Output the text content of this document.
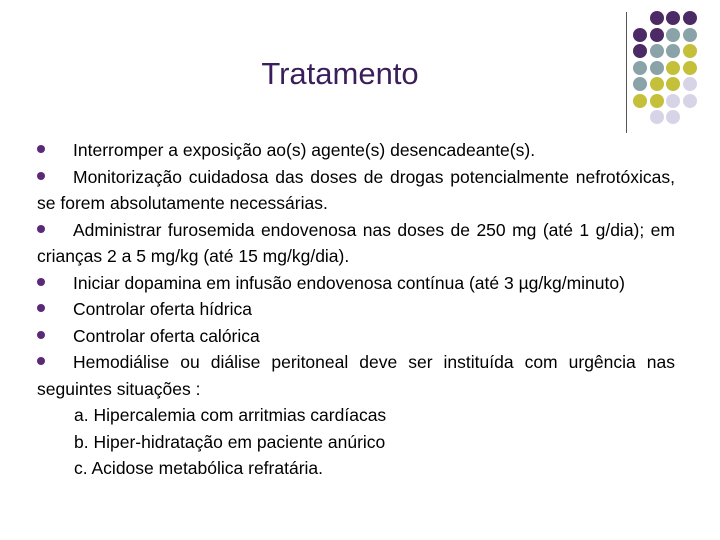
Tratamento

Interromper a exposição ao(s) agente(s) desencadeante(s).

Monitorização cuidadosa das doses de drogas potencialmente nefrotóxicas, se forem absolutamente necessárias.

Administrar furosemida endovenosa nas doses de 250 mg (até 1 g/dia); em crianças 2 a 5 mg/kg (até 15 mg/kg/dia).

Iniciar dopamina em infusão endovenosa contínua (até 3 µg/kg/minuto)

Controlar oferta hídrica

Controlar oferta calórica

Hemodiálise ou diálise peritoneal deve ser instituída com urgência nas seguintes situações :

a. Hipercalemia com arritmias cardíacas

b. Hiper-hidratação em paciente anúrico

c. Acidose metabólica refratária.
